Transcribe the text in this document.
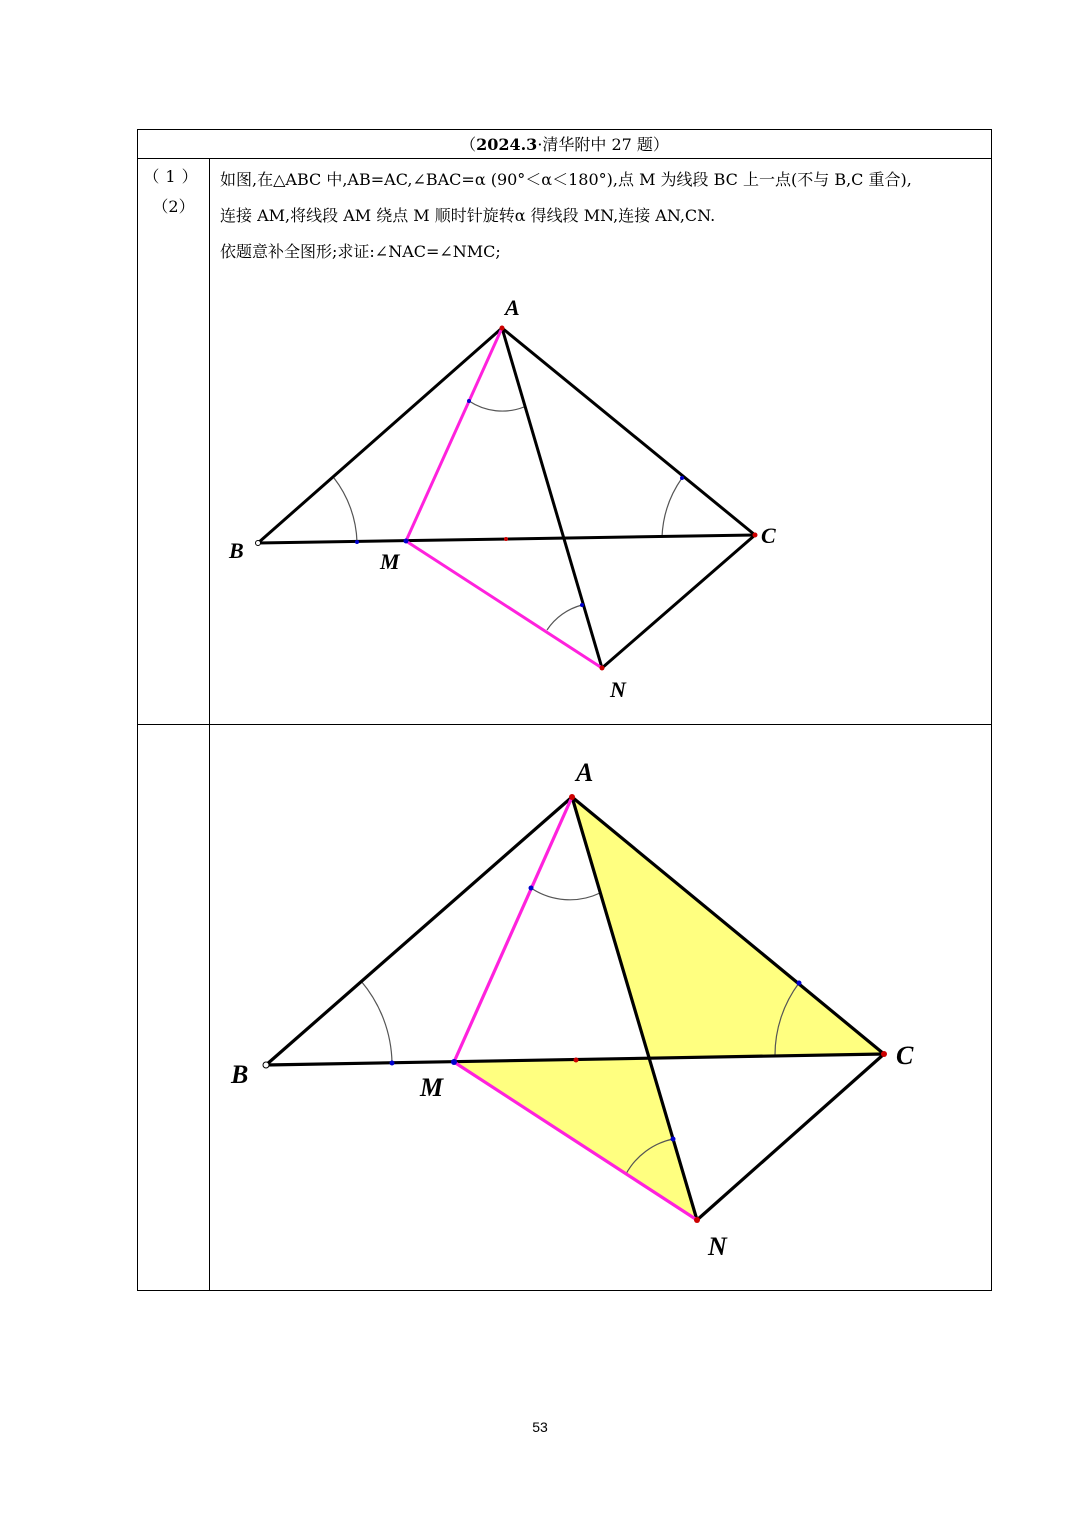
（2024.3·清华附中 27 题）
（1）
（2）

如图,在△ABC 中,AB=AC,∠BAC=α (90°＜α＜180°),点 M 为线段 BC 上一点(不与 B,C 重合),

连接 AM,将线段 AM 绕点 M 顺时针旋转α 得线段 MN,连接 AN,CN.

依题意补全图形;求证:∠NAC=∠NMC;

A
B
C
M
N
A
B
C
M
N
53
